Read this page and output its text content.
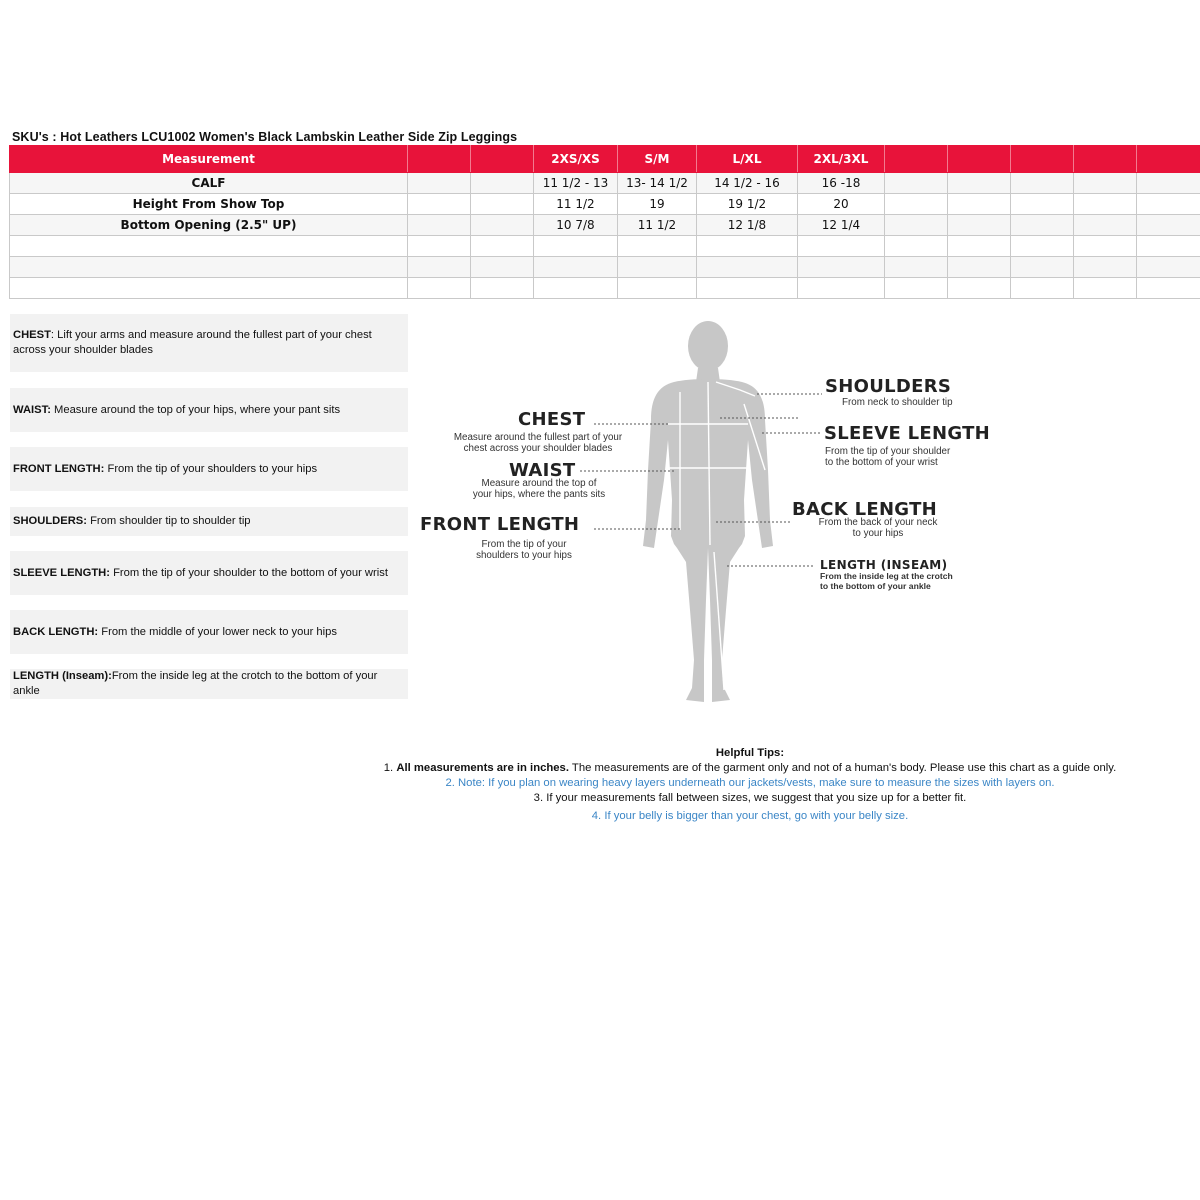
SKU's : Hot Leathers LCU1002 Women's Black Lambskin Leather Side Zip Leggings
Measurement			2XS/XS	S/M	L/XL	2XL/3XL					
CALF			11 1/2 - 13	13- 14 1/2	14 1/2 - 16	16 -18					
Height From Show Top			11 1/2	19	19 1/2	20					
Bottom Opening (2.5" UP)			10 7/8	11 1/2	12 1/8	12 1/4					

CHEST: Lift your arms and measure around the fullest part of your chest across your shoulder blades
WAIST: Measure around the top of your hips, where your pant sits
FRONT LENGTH: From the tip of your shoulders to your hips
SHOULDERS: From shoulder tip to shoulder tip
SLEEVE LENGTH: From the tip of your shoulder to the bottom of your wrist
BACK LENGTH: From the middle of your lower neck to your hips
LENGTH (Inseam):From the inside leg at the crotch to the bottom of your ankle
CHEST
Measure around the fullest part of your
chest across your shoulder blades
WAIST
Measure around the top of
your hips, where the pants sits
FRONT LENGTH
From the tip of your
shoulders to your hips
SHOULDERS
From neck to shoulder tip
SLEEVE LENGTH
From the tip of your shoulder
to the bottom of your wrist
BACK LENGTH
From the back of your neck
to your hips
LENGTH (INSEAM)
From the inside leg at the crotch
to the bottom of your ankle
Helpful Tips:
1. All measurements are in inches. The measurements are of the garment only and not of a human's body. Please use this chart as a guide only.
2. Note: If you plan on wearing heavy layers underneath our jackets/vests, make sure to measure the sizes with layers on.
3. If your measurements fall between sizes, we suggest that you size up for a better fit.
4. If your belly is bigger than your chest, go with your belly size.
